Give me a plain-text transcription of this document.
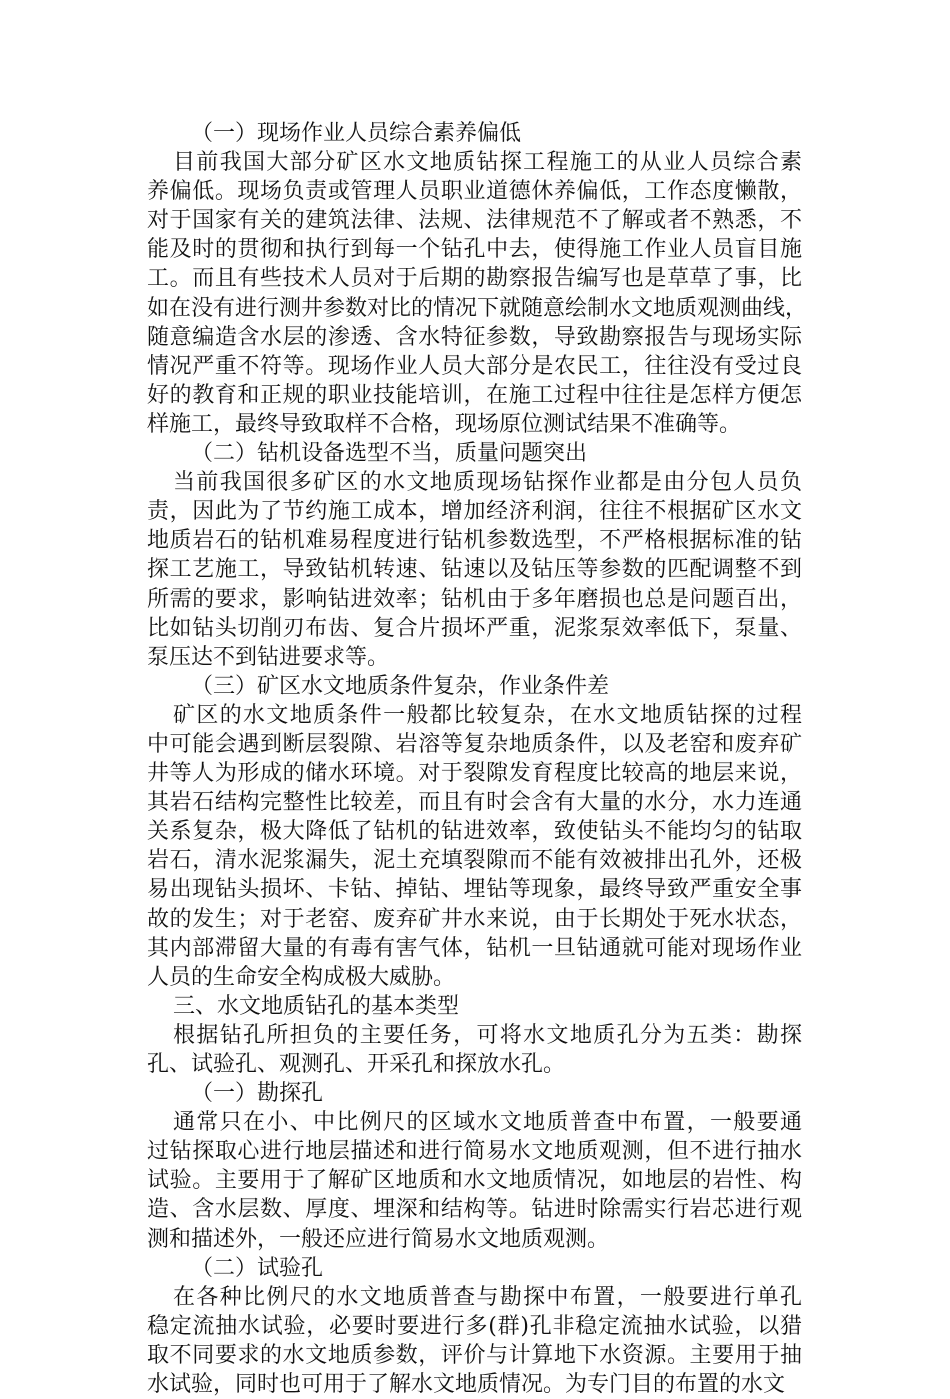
（一）现场作业人员综合素养偏低
目前我国大部分矿区水文地质钻探工程施工的从业人员综合素
养偏低。现场负责或管理人员职业道德休养偏低，工作态度懒散，
对于国家有关的建筑法律、法规、法律规范不了解或者不熟悉，不
能及时的贯彻和执行到每一个钻孔中去，使得施工作业人员盲目施
工。而且有些技术人员对于后期的勘察报告编写也是草草了事，比
如在没有进行测井参数对比的情况下就随意绘制水文地质观测曲线，
随意编造含水层的渗透、含水特征参数，导致勘察报告与现场实际
情况严重不符等。现场作业人员大部分是农民工，往往没有受过良
好的教育和正规的职业技能培训，在施工过程中往往是怎样方便怎
样施工，最终导致取样不合格，现场原位测试结果不准确等。
（二）钻机设备选型不当，质量问题突出
当前我国很多矿区的水文地质现场钻探作业都是由分包人员负
责，因此为了节约施工成本，增加经济利润，往往不根据矿区水文
地质岩石的钻机难易程度进行钻机参数选型，不严格根据标准的钻
探工艺施工，导致钻机转速、钻速以及钻压等参数的匹配调整不到
所需的要求，影响钻进效率；钻机由于多年磨损也总是问题百出，
比如钻头切削刃布齿、复合片损坏严重，泥浆泵效率低下，泵量、
泵压达不到钻进要求等。
（三）矿区水文地质条件复杂，作业条件差
矿区的水文地质条件一般都比较复杂，在水文地质钻探的过程
中可能会遇到断层裂隙、岩溶等复杂地质条件，以及老窑和废弃矿
井等人为形成的储水环境。对于裂隙发育程度比较高的地层来说，
其岩石结构完整性比较差，而且有时会含有大量的水分，水力连通
关系复杂，极大降低了钻机的钻进效率，致使钻头不能均匀的钻取
岩石，清水泥浆漏失，泥土充填裂隙而不能有效被排出孔外，还极
易出现钻头损坏、卡钻、掉钻、埋钻等现象，最终导致严重安全事
故的发生；对于老窑、废弃矿井水来说，由于长期处于死水状态，
其内部滞留大量的有毒有害气体，钻机一旦钻通就可能对现场作业
人员的生命安全构成极大威胁。
三、水文地质钻孔的基本类型
根据钻孔所担负的主要任务，可将水文地质孔分为五类：勘探
孔、试验孔、观测孔、开采孔和探放水孔。
（一）勘探孔
通常只在小、中比例尺的区域水文地质普查中布置，一般要通
过钻探取心进行地层描述和进行简易水文地质观测，但不进行抽水
试验。主要用于了解矿区地质和水文地质情况，如地层的岩性、构
造、含水层数、厚度、埋深和结构等。钻进时除需实行岩芯进行观
测和描述外，一般还应进行简易水文地质观测。
（二）试验孔
在各种比例尺的水文地质普查与勘探中布置，一般要进行单孔
稳定流抽水试验，必要时要进行多(群)孔非稳定流抽水试验，以猎
取不同要求的水文地质参数，评价与计算地下水资源。主要用于抽
水试验，同时也可用于了解水文地质情况。为专门目的布置的水文
